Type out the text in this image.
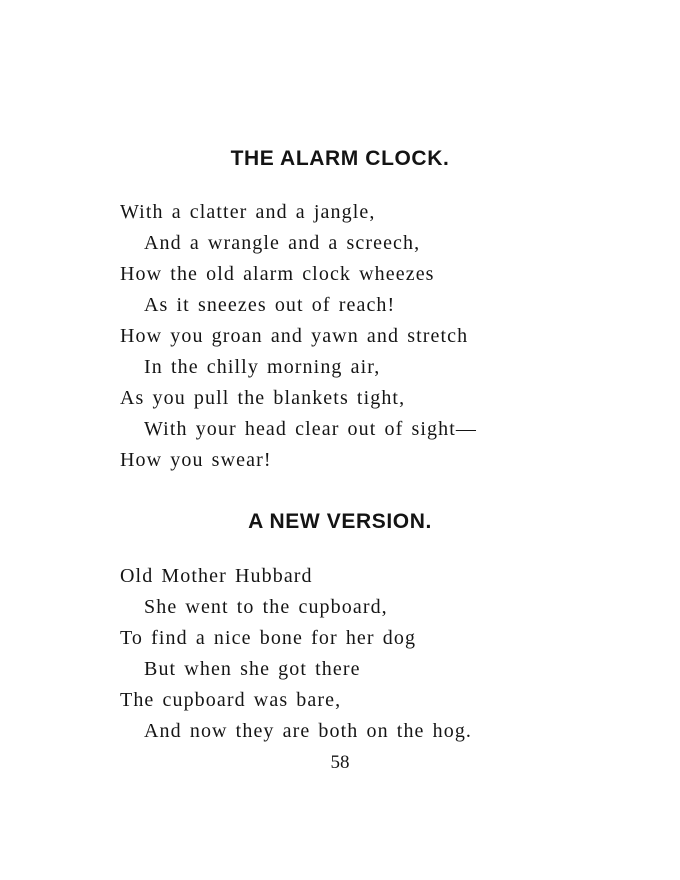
THE ALARM CLOCK.
With a clatter and a jangle,
And a wrangle and a screech,
How the old alarm clock wheezes
As it sneezes out of reach!
How you groan and yawn and stretch
In the chilly morning air,
As you pull the blankets tight,
With your head clear out of sight—
How you swear!
A NEW VERSION.
Old Mother Hubbard
She went to the cupboard,
To find a nice bone for her dog
But when she got there
The cupboard was bare,
And now they are both on the hog.
58
